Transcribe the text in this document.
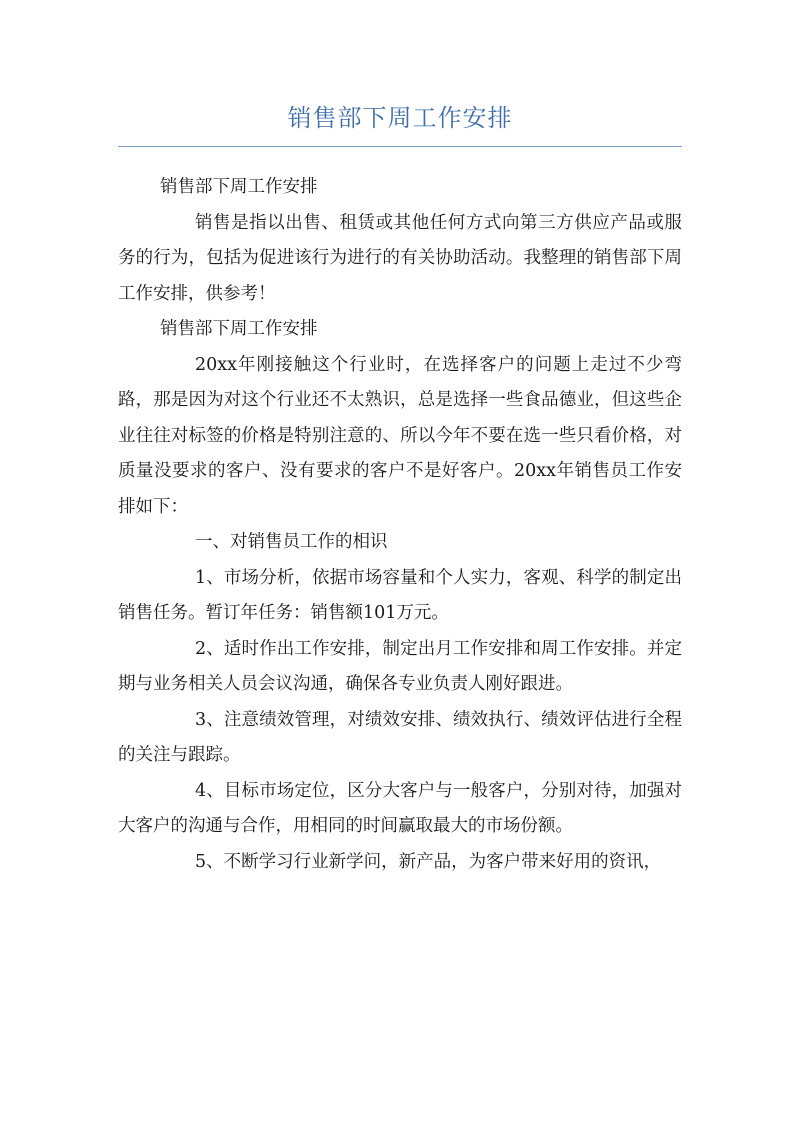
销售部下周工作安排

销售部下周工作安排

销售是指以出售、租赁或其他任何方式向第三方供应产品或服务的行为，包括为促进该行为进行的有关协助活动。我整理的销售部下周工作安排，供参考！

销售部下周工作安排

20xx年刚接触这个行业时，在选择客户的问题上走过不少弯路，那是因为对这个行业还不太熟识，总是选择一些食品德业，但这些企业往往对标签的价格是特别注意的、所以今年不要在选一些只看价格，对质量没要求的客户、没有要求的客户不是好客户。20xx年销售员工作安排如下：

一、对销售员工作的相识

1、市场分析，依据市场容量和个人实力，客观、科学的制定出销售任务。暂订年任务：销售额101万元。

2、适时作出工作安排，制定出月工作安排和周工作安排。并定期与业务相关人员会议沟通，确保各专业负责人刚好跟进。

3、注意绩效管理，对绩效安排、绩效执行、绩效评估进行全程的关注与跟踪。

4、目标市场定位，区分大客户与一般客户，分别对待，加强对大客户的沟通与合作，用相同的时间赢取最大的市场份额。

5、不断学习行业新学问，新产品，为客户带来好用的资讯，
